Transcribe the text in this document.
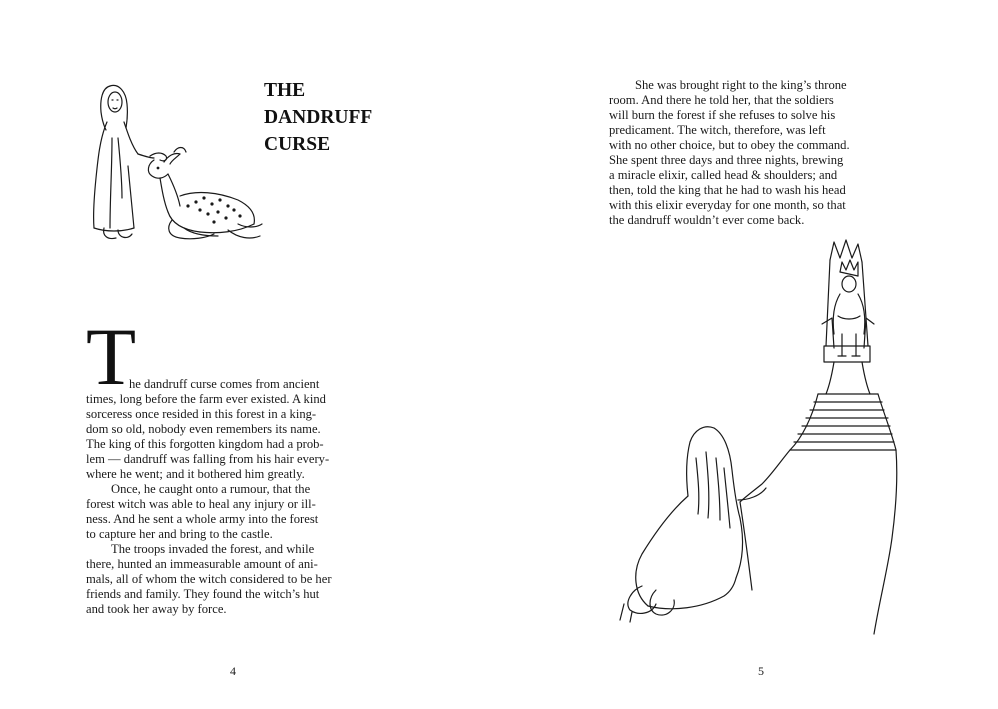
THE
DANDRUFF
CURSE
T
he dandruff curse comes from ancient
times, long before the farm ever existed. A kind
sorceress once resided in this forest in a king-
dom so old, nobody even remembers its name.
The king of this forgotten kingdom had a prob-
lem — dandruff was falling from his hair every-
where he went; and it bothered him greatly.
Once, he caught onto a rumour, that the
forest witch was able to heal any injury or ill-
ness. And he sent a whole army into the forest
to capture her and bring to the castle.
The troops invaded the forest, and while
there, hunted an immeasurable amount of ani-
mals, all of whom the witch considered to be her
friends and family. They found the witch’s hut
and took her away by force.
4
She was brought right to the king’s throne
room. And there he told her, that the soldiers
will burn the forest if she refuses to solve his
predicament. The witch, therefore, was left
with no other choice, but to obey the command.
She spent three days and three nights, brewing
a miracle elixir, called head & shoulders; and
then, told the king that he had to wash his head
with this elixir everyday for one month, so that
the dandruff wouldn’t ever come back.
5
